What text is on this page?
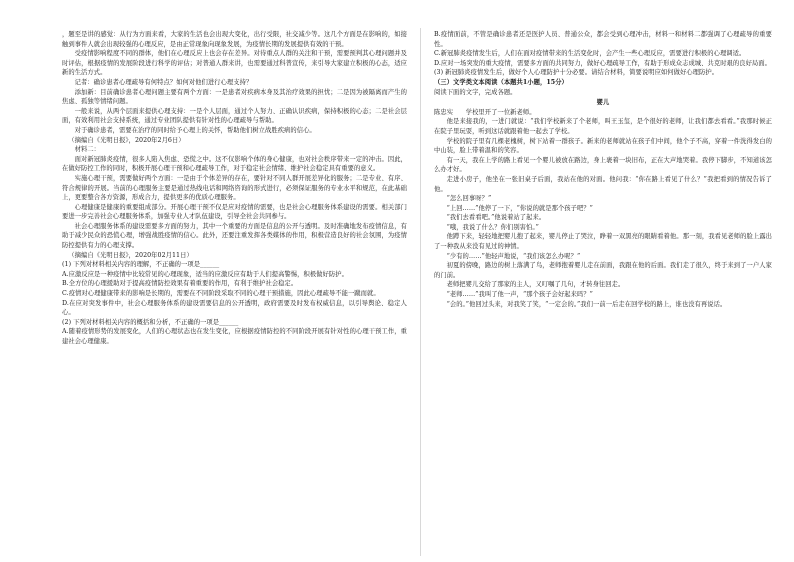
，题至是讲的感觉：从行为方面来看，大家的生活也会出现大变化，出行受限，社交减少等。这几个方面是在影响的，如接触到事件人就会出现较强的心理反应，是由正常现象向现象发展，为疫情长期的发展提供有效的干预。

受疫情影响程度不同的群体，他们在心理反应上也会存在差异。对待重点人群的关注和干预，需要预判其心理问题并及时评估，根据疫情的发展阶段进行科学的评估；对普通人群来讲，也需要通过科普宣传，来引导大家建立积极的心态，适应新的生活方式。

记者：确诊患者心理疏导有何特点？如何对他们进行心理支持？

添加新：目前确诊患者心理问题主要有两个方面：一是患者对疾病本身及其治疗效果的担忧；二是因为被隔离而产生的焦虑、孤独等情绪问题。

一般来说，从两个层面来提供心理支持：一是个人层面，通过个人努力、正确认识疾病，保持积极的心态；二是社会层面，有效利用社会支持系统，通过专业团队提供有针对性的心理疏导与帮助。

对于确诊患者，需要在治疗的同时给予心理上的关怀，帮助他们树立战胜疾病的信心。

（摘编自《光明日报》，2020年2月6日）

材料二：

面对新冠肺炎疫情，很多人陷入焦虑、恐慌之中。这不仅影响个体的身心健康，也对社会秩序带来一定的冲击。因此，在做好防控工作的同时，积极开展心理干预和心理疏导工作，对于稳定社会情绪、维护社会稳定具有重要的意义。

实施心理干预，需要做好两个方面：一是由于个体差异的存在，要针对不同人群开展差异化的服务；二是专业、有序、符合规律的开展。当前的心理服务主要是通过热线电话和网络咨询的形式进行，必须保证服务的专业水平和规范，在此基础上，更要整合各方资源，形成合力，提供更多的优质心理服务。

心理健康是健康的重要组成部分。开展心理干预不仅是应对疫情的需要，也是社会心理服务体系建设的需要。相关部门要进一步完善社会心理服务体系，加强专业人才队伍建设，引导全社会共同参与。

社会心理服务体系的建设需要多方面的努力，其中一个重要的方面是信息的公开与透明。及时准确地发布疫情信息，有助于减少民众的恐慌心理，增强战胜疫情的信心。此外，还要注重发挥各类媒体的作用，积极营造良好的社会氛围，为疫情防控提供有力的心理支撑。

（摘编自《光明日报》，2020年02月11日）

(1) 下列对材料相关内容的理解，不正确的一项是______

A.应激反应是一种疫情中比较常见的心理现象，适当的应激反应有助于人们提高警惕，积极做好防护。

B.全方位的心理援助对于提高疫情防控效果有着重要的作用，有利于维护社会稳定。

C.疫情对心理健康带来的影响是长期的，需要在不同阶段采取不同的心理干预措施，因此心理疏导不能一蹴而就。

D.在应对突发事件中，社会心理服务体系的建设需要信息的公开透明，政府需要及时发布权威信息，以引导舆论、稳定人心。

(2) 下列对材料相关内容的概括和分析，不正确的一项是______

A.随着疫情形势的发展变化，人们的心理状态也在发生变化，应根据疫情防控的不同阶段开展有针对性的心理干预工作，重建社会心理健康。

B.疫情面前，不管是确诊患者还是医护人员、普通公众，都会受到心理冲击，材料一和材料二都强调了心理疏导的重要性。

C.新冠肺炎疫情发生后，人们在面对疫情带来的生活变化时，会产生一些心理反应，需要进行积极的心理调适。

D.应对一场突发的重大疫情，需要多方面的共同努力，做好心理疏导工作，有助于形成众志成城、共克时艰的良好局面。

(3) 新冠肺炎疫情发生后，做好个人心理防护十分必要。请结合材料，简要说明应如何做好心理防护。

（三）文学类文本阅读（本题共1小题，15分）

阅读下面的文字，完成各题。

婴儿

陈忠实　　学校里开了一位新老师。

他是来接我的，一进门就说：“我们学校新来了个老师，叫王玉玺，是个很好的老师，让我们都去看看。”我那时候正在院子里玩耍，听到这话就跟着他一起去了学校。

学校的院子里有几棵老槐树，树下站着一群孩子。新来的老师就站在孩子们中间，他个子不高，穿着一件洗得发白的中山装，脸上带着温和的笑容。

有一天，我在上学的路上看见一个婴儿被放在路边，身上裹着一块旧布，正在大声地哭着。我停下脚步，不知道该怎么办才好。

走进小房子，他坐在一张旧桌子后面，我站在他的对面。他问我：“你在路上看见了什么？”我把看到的情况告诉了他。

“怎么回事呀？”

“上回……”他停了一下，“你说的就是那个孩子吧？”

“我们去看看吧。”他说着站了起来。

“哦，我说了什么？你们别害怕。”

他蹲下来，轻轻地把婴儿抱了起来，婴儿停止了哭泣，睁着一双黑亮的眼睛看着他。那一刻，我看见老师的脸上露出了一种我从来没有见过的神情。

“少有的……”他轻声地说，“我们该怎么办呢？”

初夏的傍晚，路边的树上落满了鸟，老师抱着婴儿走在前面，我跟在他的后面。我们走了很久，终于来到了一户人家的门前。

老师把婴儿交给了那家的主人，又叮嘱了几句，才转身往回走。

“老师……”我叫了他一声，“那个孩子会好起来吗？”

“会的。”他回过头来，对我笑了笑，“一定会的。”我们一前一后走在回学校的路上，谁也没有再说话。
